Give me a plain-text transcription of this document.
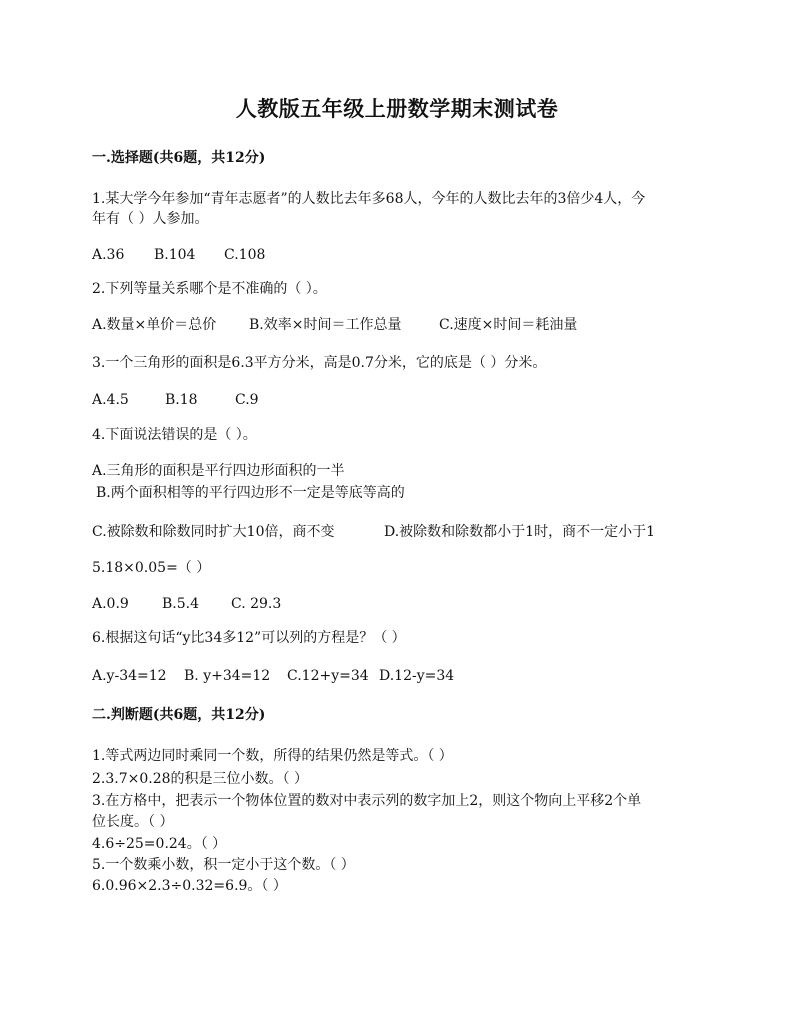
人教版五年级上册数学期末测试卷
一.选择题(共6题，共12分)
1.某大学今年参加“青年志愿者”的人数比去年多68人，今年的人数比去年的3倍少4人，今
年有（ ）人参加。
A.36 B.104 C.108
2.下列等量关系哪个是不准确的（ ）。
A.数量×单价＝总价 B.效率×时间＝工作总量	C.速度×时间＝耗油量
3.一个三角形的面积是6.3平方分米，高是0.7分米，它的底是（ ）分米。
A.4.5	B.18	C.9
4.下面说法错误的是（ ）。
A.三角形的面积是平行四边形面积的一半
B.两个面积相等的平行四边形不一定是等底等高的
C.被除数和除数同时扩大10倍，商不变	D.被除数和除数都小于1时，商不一定小于1
5.18×0.05=（ ）
A.0.9 B.5.4 C. 29.3
6.根据这句话“y比34多12”可以列的方程是？（ ）
A.y-34=12 B. y+34=12 C.12+y=34 D.12-y=34
二.判断题(共6题，共12分)
1.等式两边同时乘同一个数，所得的结果仍然是等式。（ ）
2.3.7×0.28的积是三位小数。（ ）
3.在方格中，把表示一个物体位置的数对中表示列的数字加上2，则这个物向上平移2个单
位长度。（ ）
4.6÷25=0.24。（ ）
5.一个数乘小数，积一定小于这个数。（ ）
6.0.96×2.3÷0.32=6.9。（ ）
